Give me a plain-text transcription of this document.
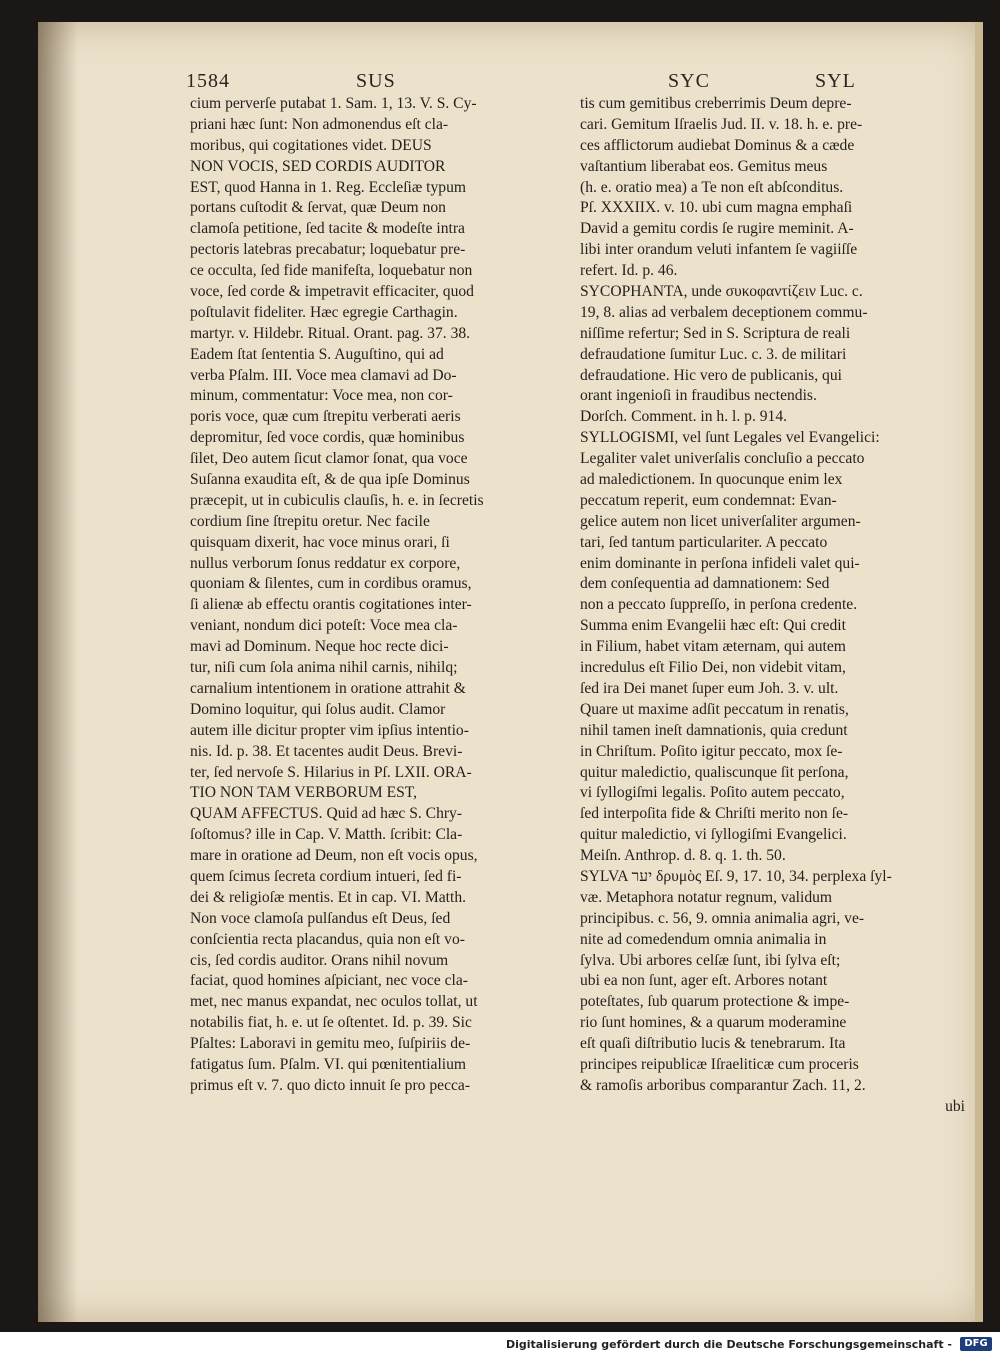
1584	SUS	SYC	SYL
cium perverſe putabat 1. Sam. 1, 13. V. S. Cy-
priani hæc ſunt: Non admonendus eſt cla-
moribus, qui cogitationes videt. DEUS
NON VOCIS, SED CORDIS AUDITOR
EST, quod Hanna in 1. Reg. Eccleſiæ typum
portans cuſtodit & ſervat, quæ Deum non
clamoſa petitione, ſed tacite & modeſte intra
pectoris latebras precabatur; loquebatur pre-
ce occulta, ſed fide manifeſta, loquebatur non
voce, ſed corde & impetravit efficaciter, quod
poſtulavit fideliter. Hæc egregie Carthagin.
martyr. v. Hildebr. Ritual. Orant. pag. 37. 38.
Eadem ſtat ſententia S. Auguſtino, qui ad
verba Pſalm. III. Voce mea clamavi ad Do-
minum, commentatur: Voce mea, non cor-
poris voce, quæ cum ſtrepitu verberati aeris
depromitur, ſed voce cordis, quæ hominibus
ſilet, Deo autem ſicut clamor ſonat, qua voce
Suſanna exaudita eſt, & de qua ipſe Dominus
præcepit, ut in cubiculis clauſis, h. e. in ſecretis
cordium ſine ſtrepitu oretur. Nec facile
quisquam dixerit, hac voce minus orari, ſi
nullus verborum ſonus reddatur ex corpore,
quoniam & ſilentes, cum in cordibus oramus,
ſi alienæ ab effectu orantis cogitationes inter-
veniant, nondum dici poteſt: Voce mea cla-
mavi ad Dominum. Neque hoc recte dici-
tur, niſi cum ſola anima nihil carnis, nihilq;
carnalium intentionem in oratione attrahit &
Domino loquitur, qui ſolus audit. Clamor
autem ille dicitur propter vim ipſius intentio-
nis. Id. p. 38. Et tacentes audit Deus. Brevi-
ter, ſed nervoſe S. Hilarius in Pſ. LXII. ORA-
TIO NON TAM VERBORUM EST,
QUAM AFFECTUS. Quid ad hæc S. Chry-
ſoſtomus? ille in Cap. V. Matth. ſcribit: Cla-
mare in oratione ad Deum, non eſt vocis opus,
quem ſcimus ſecreta cordium intueri, ſed fi-
dei & religioſæ mentis. Et in cap. VI. Matth.
Non voce clamoſa pulſandus eſt Deus, ſed
conſcientia recta placandus, quia non eſt vo-
cis, ſed cordis auditor. Orans nihil novum
faciat, quod homines aſpiciant, nec voce cla-
met, nec manus expandat, nec oculos tollat, ut
notabilis fiat, h. e. ut ſe oſtentet. Id. p. 39. Sic
Pſaltes: Laboravi in gemitu meo, ſuſpiriis de-
fatigatus ſum. Pſalm. VI. qui pœnitentialium
primus eſt v. 7. quo dicto innuit ſe pro pecca-
tis cum gemitibus creberrimis Deum depre-
cari. Gemitum Iſraelis Jud. II. v. 18. h. e. pre-
ces afflictorum audiebat Dominus & a cæde
vaſtantium liberabat eos. Gemitus meus
(h. e. oratio mea) a Te non eſt abſconditus.
Pſ. XXXIIX. v. 10. ubi cum magna emphaſi
David a gemitu cordis ſe rugire meminit. A-
libi inter orandum veluti infantem ſe vagiiſſe
refert. Id. p. 46.
SYCOPHANTA, unde συκοφαντίζειν Luc. c.
19, 8. alias ad verbalem deceptionem commu-
niſſime refertur; Sed in S. Scriptura de reali
defraudatione ſumitur Luc. c. 3. de militari
defraudatione. Hic vero de publicanis, qui
orant ingenioſi in fraudibus nectendis.
Dorſch. Comment. in h. l. p. 914.
SYLLOGISMI, vel ſunt Legales vel Evangelici:
Legaliter valet univerſalis concluſio a peccato
ad maledictionem. In quocunque enim lex
peccatum reperit, eum condemnat: Evan-
gelice autem non licet univerſaliter argumen-
tari, ſed tantum particulariter. A peccato
enim dominante in perſona infideli valet qui-
dem conſequentia ad damnationem: Sed
non a peccato ſuppreſſo, in perſona credente.
Summa enim Evangelii hæc eſt: Qui credit
in Filium, habet vitam æternam, qui autem
incredulus eſt Filio Dei, non videbit vitam,
ſed ira Dei manet ſuper eum Joh. 3. v. ult.
Quare ut maxime adſit peccatum in renatis,
nihil tamen ineſt damnationis, quia credunt
in Chriſtum. Poſito igitur peccato, mox ſe-
quitur maledictio, qualiscunque ſit perſona,
vi ſyllogiſmi legalis. Poſito autem peccato,
ſed interpoſita fide & Chriſti merito non ſe-
quitur maledictio, vi ſyllogiſmi Evangelici.
Meiſn. Anthrop. d. 8. q. 1. th. 50.
SYLVA יער δρυμὸς Eſ. 9, 17. 10, 34. perplexa ſyl-
væ. Metaphora notatur regnum, validum
principibus. c. 56, 9. omnia animalia agri, ve-
nite ad comedendum omnia animalia in
ſylva. Ubi arbores celſæ ſunt, ibi ſylva eſt;
ubi ea non ſunt, ager eſt. Arbores notant
poteſtates, ſub quarum protectione & impe-
rio ſunt homines, & a quarum moderamine
eſt quaſi diſtributio lucis & tenebrarum. Ita
principes reipublicæ Iſraeliticæ cum proceris
& ramoſis arboribus comparantur Zach. 11, 2.
ubi
Digitalisierung gefördert durch die Deutsche Forschungsgemeinschaft -	DFG
